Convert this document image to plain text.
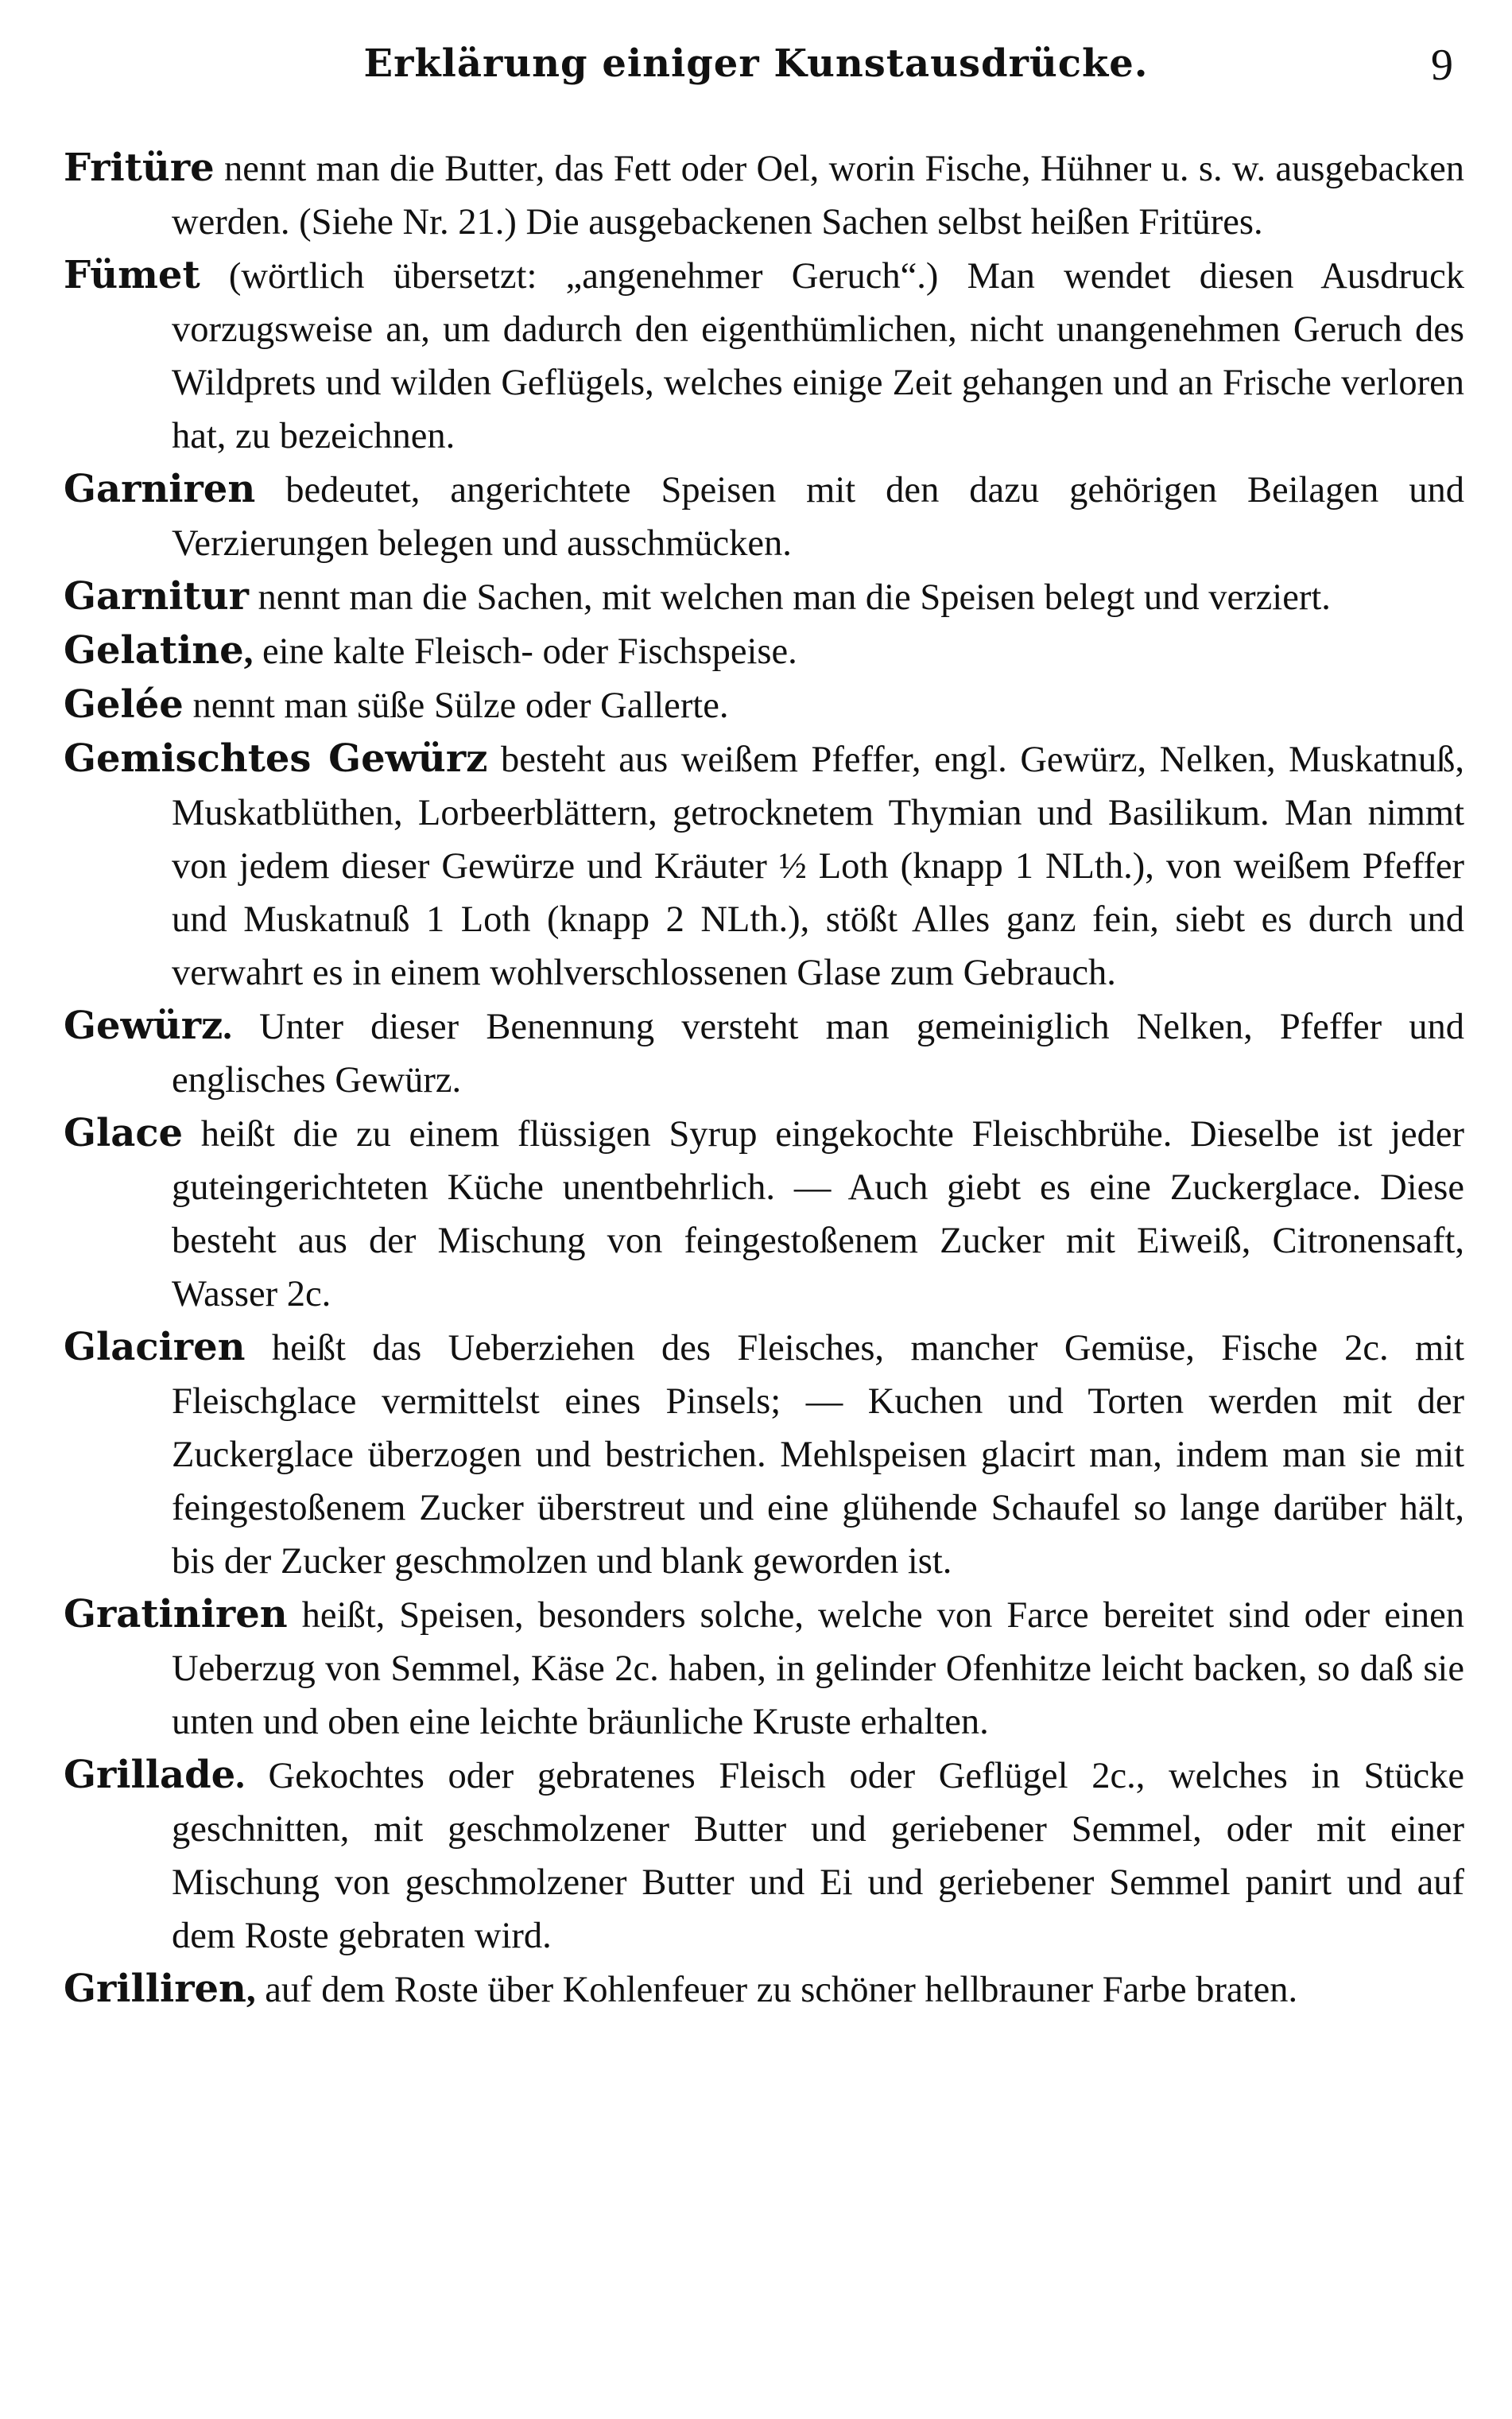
Erklärung einiger Kunstausdrücke.	9

Fritüre nennt man die Butter, das Fett oder Oel, worin Fische, Hühner u. s. w. ausgebacken werden. (Siehe Nr. 21.) Die ausgebackenen Sachen selbst heißen Fritüres.

Fümet (wörtlich übersetzt: „angenehmer Geruch“.) Man wendet diesen Ausdruck vorzugsweise an, um dadurch den eigenthümlichen, nicht unangenehmen Geruch des Wildprets und wilden Geflügels, welches einige Zeit gehangen und an Frische verloren hat, zu bezeichnen.

Garniren bedeutet, angerichtete Speisen mit den dazu gehörigen Beilagen und Verzierungen belegen und ausschmücken.

Garnitur nennt man die Sachen, mit welchen man die Speisen belegt und verziert.

Gelatine, eine kalte Fleisch- oder Fischspeise.

Gelée nennt man süße Sülze oder Gallerte.

Gemischtes Gewürz besteht aus weißem Pfeffer, engl. Gewürz, Nelken, Muskatnuß, Muskatblüthen, Lorbeerblättern, getrocknetem Thymian und Basilikum. Man nimmt von jedem dieser Gewürze und Kräuter ½ Loth (knapp 1 NLth.), von weißem Pfeffer und Muskatnuß 1 Loth (knapp 2 NLth.), stößt Alles ganz fein, siebt es durch und verwahrt es in einem wohlverschlossenen Glase zum Gebrauch.

Gewürz. Unter dieser Benennung versteht man gemeiniglich Nelken, Pfeffer und englisches Gewürz.

Glace heißt die zu einem flüssigen Syrup eingekochte Fleischbrühe. Dieselbe ist jeder guteingerichteten Küche unentbehrlich. — Auch giebt es eine Zuckerglace. Diese besteht aus der Mischung von feingestoßenem Zucker mit Eiweiß, Citronensaft, Wasser 2c.

Glaciren heißt das Ueberziehen des Fleisches, mancher Gemüse, Fische 2c. mit Fleischglace vermittelst eines Pinsels; — Kuchen und Torten werden mit der Zuckerglace überzogen und bestrichen. Mehlspeisen glacirt man, indem man sie mit feingestoßenem Zucker überstreut und eine glühende Schaufel so lange darüber hält, bis der Zucker geschmolzen und blank geworden ist.

Gratiniren heißt, Speisen, besonders solche, welche von Farce bereitet sind oder einen Ueberzug von Semmel, Käse 2c. haben, in gelinder Ofenhitze leicht backen, so daß sie unten und oben eine leichte bräunliche Kruste erhalten.

Grillade. Gekochtes oder gebratenes Fleisch oder Geflügel 2c., welches in Stücke geschnitten, mit geschmolzener Butter und geriebener Semmel, oder mit einer Mischung von geschmolzener Butter und Ei und geriebener Semmel panirt und auf dem Roste gebraten wird.

Grilliren, auf dem Roste über Kohlenfeuer zu schöner hellbrauner Farbe braten.
